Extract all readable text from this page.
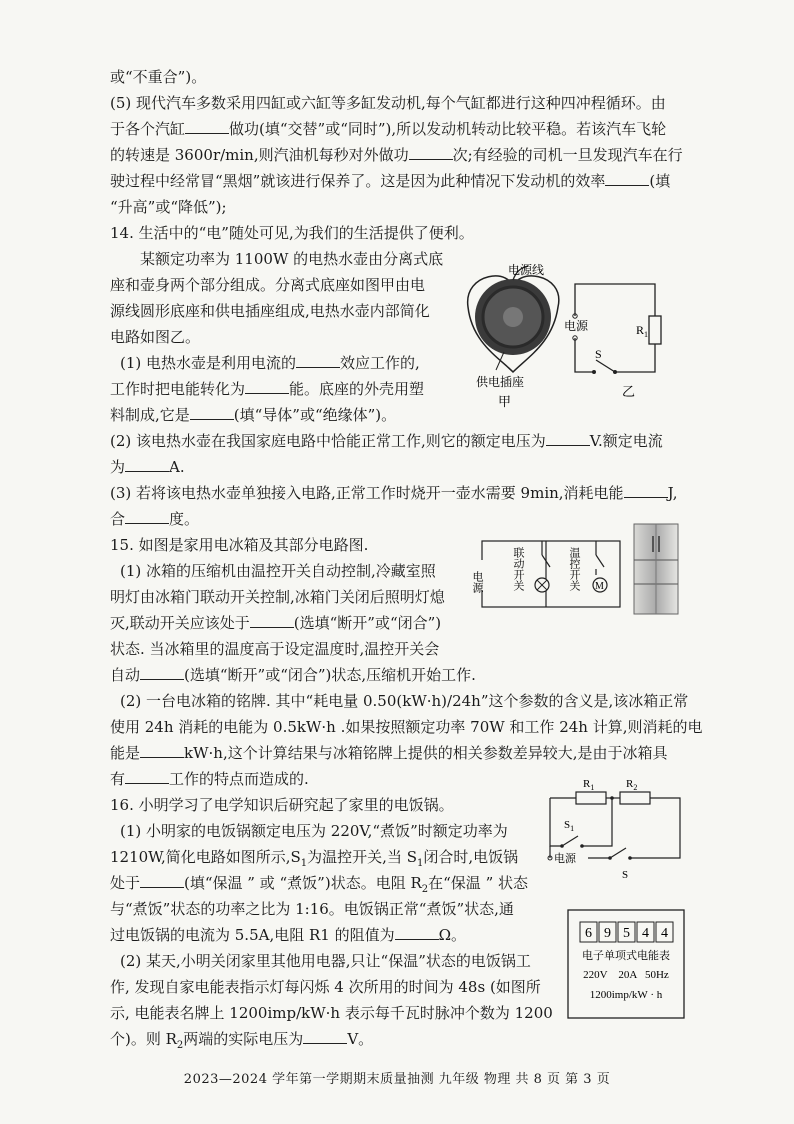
或“不重合”)。
(5) 现代汽车多数采用四缸或六缸等多缸发动机,每个气缸都进行这种四冲程循环。由
于各个汽缸	做功(填“交替”或“同时”),所以发动机转动比较平稳。若该汽车飞轮
的转速是 3600r/min,则汽油机每秒对外做功	次;有经验的司机一旦发现汽车在行
驶过程中经常冒“黑烟”就该进行保养了。这是因为此种情况下发动机的效率	(填
“升高”或“降低”);
14. 生活中的“电”随处可见,为我们的生活提供了便利。
某额定功率为 1100W 的电热水壶由分离式底
座和壶身两个部分组成。分离式底座如图甲由电
源线圆形底座和供电插座组成,电热水壶内部简化
电路如图乙。
(1) 电热水壶是利用电流的	效应工作的,
工作时把电能转化为	能。底座的外壳用塑
料制成,它是	(填“导体”或“绝缘体”)。
(2) 该电热水壶在我国家庭电路中恰能正常工作,则它的额定电压为	V.额定电流
为	A.
(3) 若将该电热水壶单独接入电路,正常工作时烧开一壶水需要 9min,消耗电能	J,
合	度。
电源线
供电插座
甲
电源	$R_1$
S
乙
15. 如图是家用电冰箱及其部分电路图.
(1) 冰箱的压缩机由温控开关自动控制,冷藏室照
明灯由冰箱门联动开关控制,冰箱门关闭后照明灯熄
灭,联动开关应该处于	(选填“断开”或“闭合”)
状态. 当冰箱里的温度高于设定温度时,温控开关会
自动	(选填“断开”或“闭合”)状态,压缩机开始工作.
(2) 一台电冰箱的铭牌. 其中“耗电量 0.50(kW·h)/24h”这个参数的含义是,该冰箱正常
使用 24h 消耗的电能为 0.5kW·h .如果按照额定功率 70W 和工作 24h 计算,则消耗的电
能是	kW·h,这个计算结果与冰箱铭牌上提供的相关参数差异较大,是由于冰箱具
有	工作的特点而造成的.
M
电源	联动开关	温控开关
16. 小明学习了电学知识后研究起了家里的电饭锅。
(1) 小明家的电饭锅额定电压为 220V,“煮饭”时额定功率为
1210W,简化电路如图所示$,S_1$为温控开关,当 $S_1$闭合时,电饭锅
处于	(填“保温 ” 或 “煮饭”)状态。电阻 $R_2$在“保温 ” 状态
与“煮饭”状态的功率之比为 1:16。电饭锅正常“煮饭”状态,通
过电饭锅的电流为 5.5A,电阻 R1 的阻值为	Ω。
(2) 某天,小明关闭家里其他用电器,只让“保温”状态的电饭锅工
作, 发现自家电能表指示灯每闪烁 4 次所用的时间为 48s (如图所
示, 电能表名牌上 1200imp/kW·h 表示每千瓦时脉冲个数为 1200
个)。则 $R_2$两端的实际电压为	V。
$R_1$	$R_2$
$S_1$
电源
S
6 9 5 4 4
电子单项式电能表
220V    20A   50Hz
1200imp/kW · h
2023—2024 学年第一学期期末质量抽测 九年级 物理 共 8 页 第 3 页
